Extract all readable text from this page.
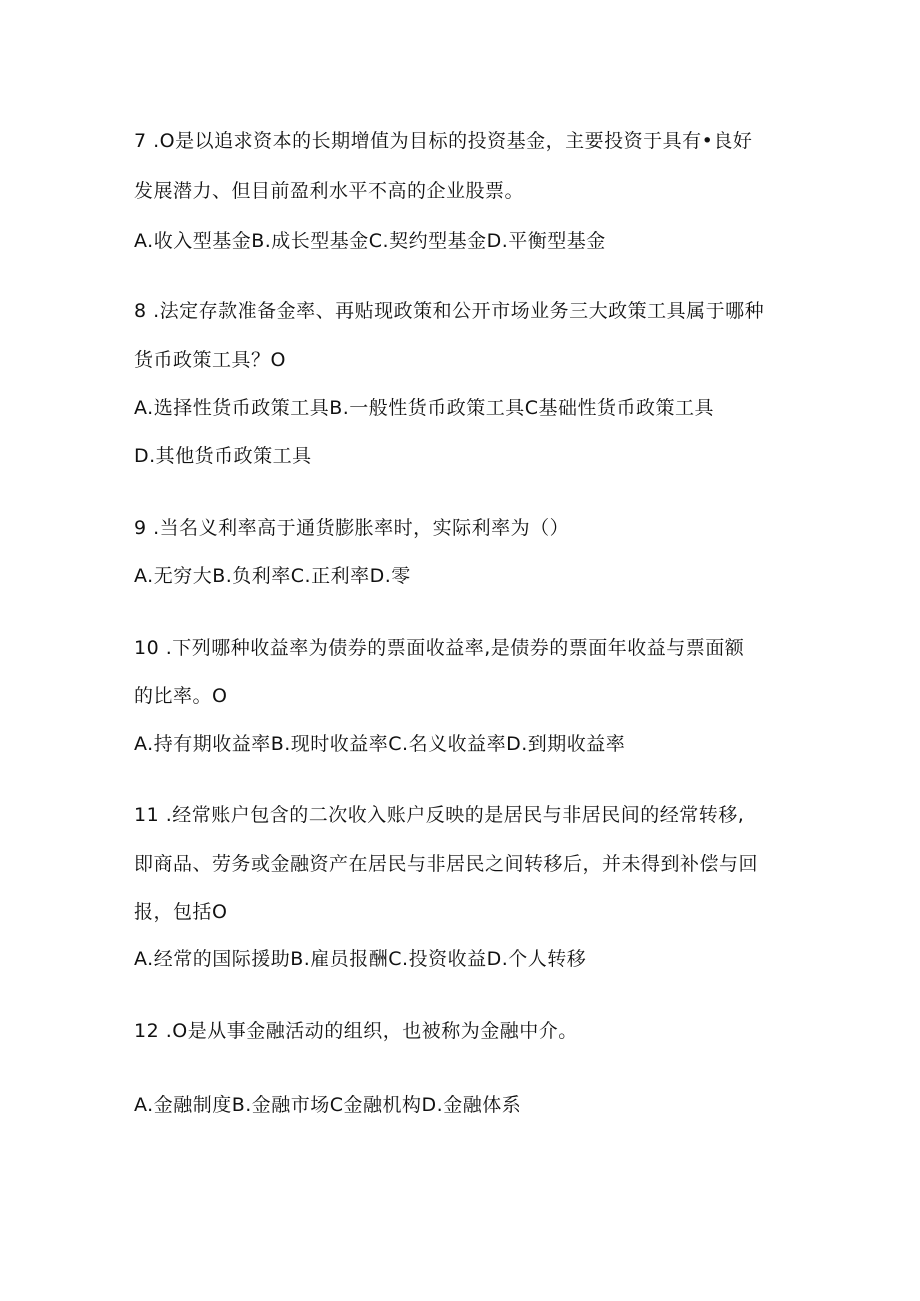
7 .O是以追求资本的长期增值为目标的投资基金，主要投资于具有•良好
发展潜力、但目前盈利水平不高的企业股票。
A.收入型基金B.成长型基金C.契约型基金D.平衡型基金
8 .法定存款准备金率、再贴现政策和公开市场业务三大政策工具属于哪种
货币政策工具？O
A.选择性货币政策工具B.一般性货币政策工具C基础性货币政策工具
D.其他货币政策工具
9 .当名义利率高于通货膨胀率时，实际利率为（）
A.无穷大B.负利率C.正利率D.零
10 .下列哪种收益率为债券的票面收益率,是债券的票面年收益与票面额
的比率。O
A.持有期收益率B.现时收益率C.名义收益率D.到期收益率
11 .经常账户包含的二次收入账户反映的是居民与非居民间的经常转移,
即商品、劳务或金融资产在居民与非居民之间转移后，并未得到补偿与回
报，包括O
A.经常的国际援助B.雇员报酬C.投资收益D.个人转移
12 .O是从事金融活动的组织，也被称为金融中介。
A.金融制度B.金融市场C金融机构D.金融体系
